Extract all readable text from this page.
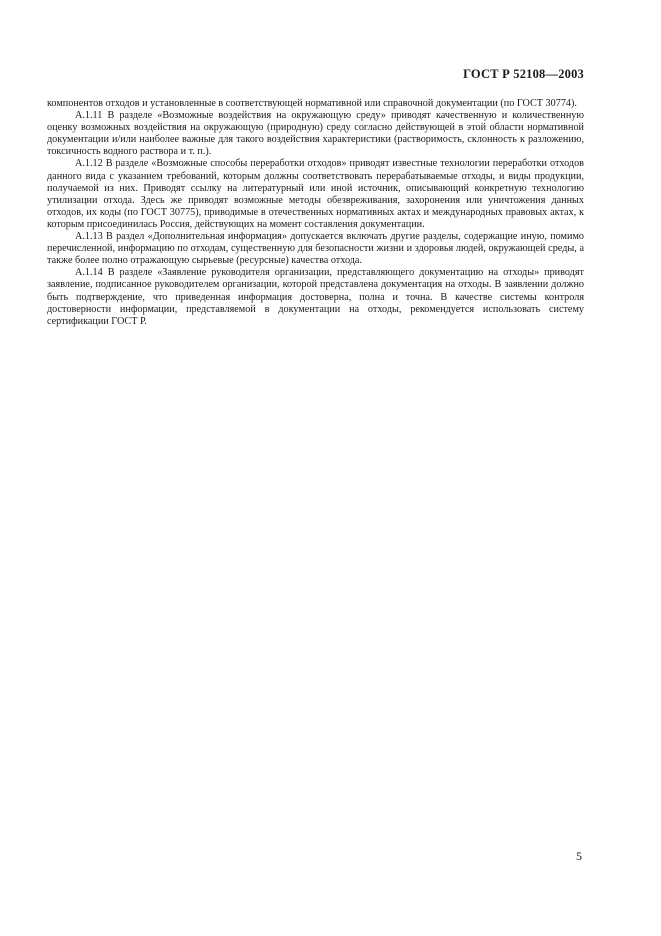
ГОСТ Р 52108—2003

компонентов отходов и установленные в соответствующей нормативной или справочной документации (по ГОСТ 30774).

А.1.11 В разделе «Возможные воздействия на окружающую среду» приводят качественную и количественную оценку возможных воздействия на окружающую (природную) среду согласно действующей в этой области нормативной документации и/или наиболее важные для такого воздействия характеристики (растворимость, склонность к разложению, токсичность водного раствора и т. п.).

А.1.12 В разделе «Возможные способы переработки отходов» приводят известные технологии переработки отходов данного вида с указанием требований, которым должны соответствовать перерабатываемые отходы, и виды продукции, получаемой из них. Приводят ссылку на литературный или иной источник, описывающий конкретную технологию утилизации отхода. Здесь же приводят возможные методы обезвреживания, захоронения или уничтожения данных отходов, их коды (по ГОСТ 30775), приводимые в отечественных нормативных актах и международных правовых актах, к которым присоединилась Россия, действующих на момент составления документации.

А.1.13 В раздел «Дополнительная информация» допускается включать другие разделы, содержащие иную, помимо перечисленной, информацию по отходам, существенную для безопасности жизни и здоровья людей, окружающей среды, а также более полно отражающую сырьевые (ресурсные) качества отхода.

А.1.14 В разделе «Заявление руководителя организации, представляющего документацию на отходы» приводят заявление, подписанное руководителем организации, которой представлена документация на отходы. В заявлении должно быть подтверждение, что приведенная информация достоверна, полна и точна. В качестве системы контроля достоверности информации, представляемой в документации на отходы, рекомендуется использовать систему сертификации ГОСТ Р.

5
